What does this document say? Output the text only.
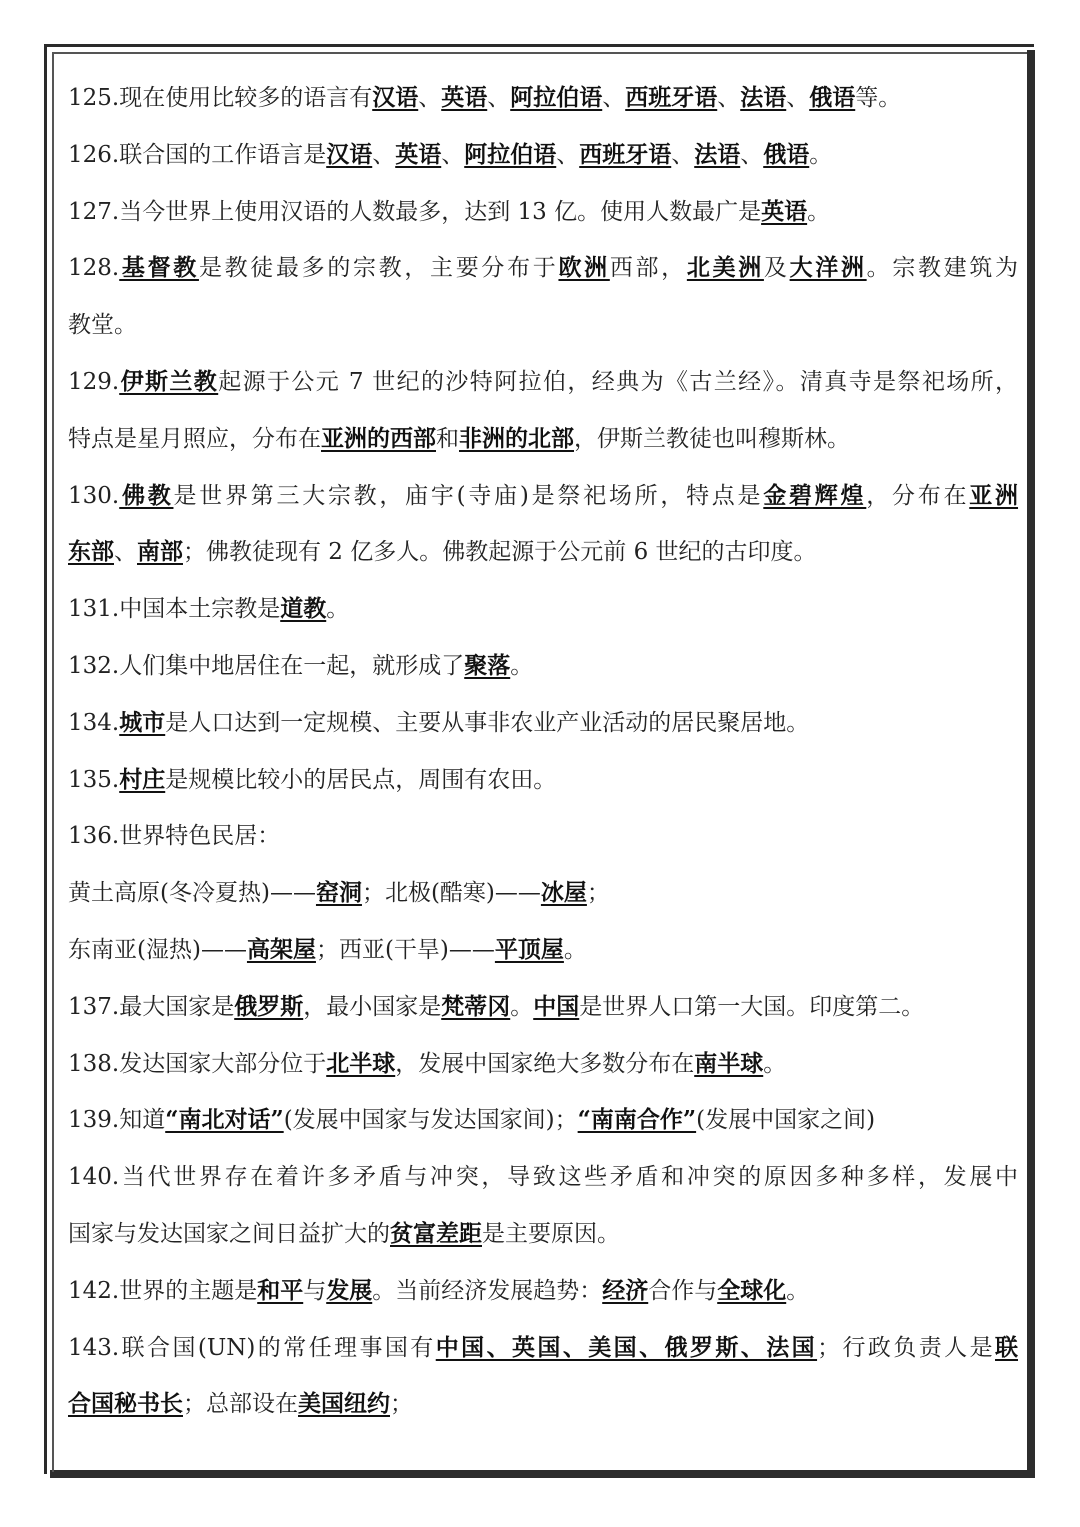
125.现在使用比较多的语言有汉语、英语、阿拉伯语、西班牙语、法语、俄语等。
126.联合国的工作语言是汉语、英语、阿拉伯语、西班牙语、法语、俄语。
127.当今世界上使用汉语的人数最多，达到 13 亿。使用人数最广是英语。
128.基督教是教徒最多的宗教，主要分布于欧洲西部，北美洲及大洋洲。宗教建筑为
教堂。
129.伊斯兰教起源于公元 7 世纪的沙特阿拉伯，经典为《古兰经》。清真寺是祭祀场所，
特点是星月照应，分布在亚洲的西部和非洲的北部，伊斯兰教徒也叫穆斯林。
130.佛教是世界第三大宗教，庙宇(寺庙)是祭祀场所，特点是金碧辉煌，分布在亚洲
东部、南部；佛教徒现有 2 亿多人。佛教起源于公元前 6 世纪的古印度。
131.中国本土宗教是道教。
132.人们集中地居住在一起，就形成了聚落。
134.城市是人口达到一定规模、主要从事非农业产业活动的居民聚居地。
135.村庄是规模比较小的居民点，周围有农田。
136.世界特色民居：
黄土高原(冬冷夏热)——窑洞；北极(酷寒)——冰屋；
东南亚(湿热)——高架屋；西亚(干旱)——平顶屋。
137.最大国家是俄罗斯，最小国家是梵蒂冈。中国是世界人口第一大国。印度第二。
138.发达国家大部分位于北半球，发展中国家绝大多数分布在南半球。
139.知道“南北对话”(发展中国家与发达国家间)；“南南合作”(发展中国家之间)
140.当代世界存在着许多矛盾与冲突，导致这些矛盾和冲突的原因多种多样，发展中
国家与发达国家之间日益扩大的贫富差距是主要原因。
142.世界的主题是和平与发展。当前经济发展趋势：经济合作与全球化。
143.联合国(UN)的常任理事国有中国、英国、美国、俄罗斯、法国；行政负责人是联
合国秘书长；总部设在美国纽约；
